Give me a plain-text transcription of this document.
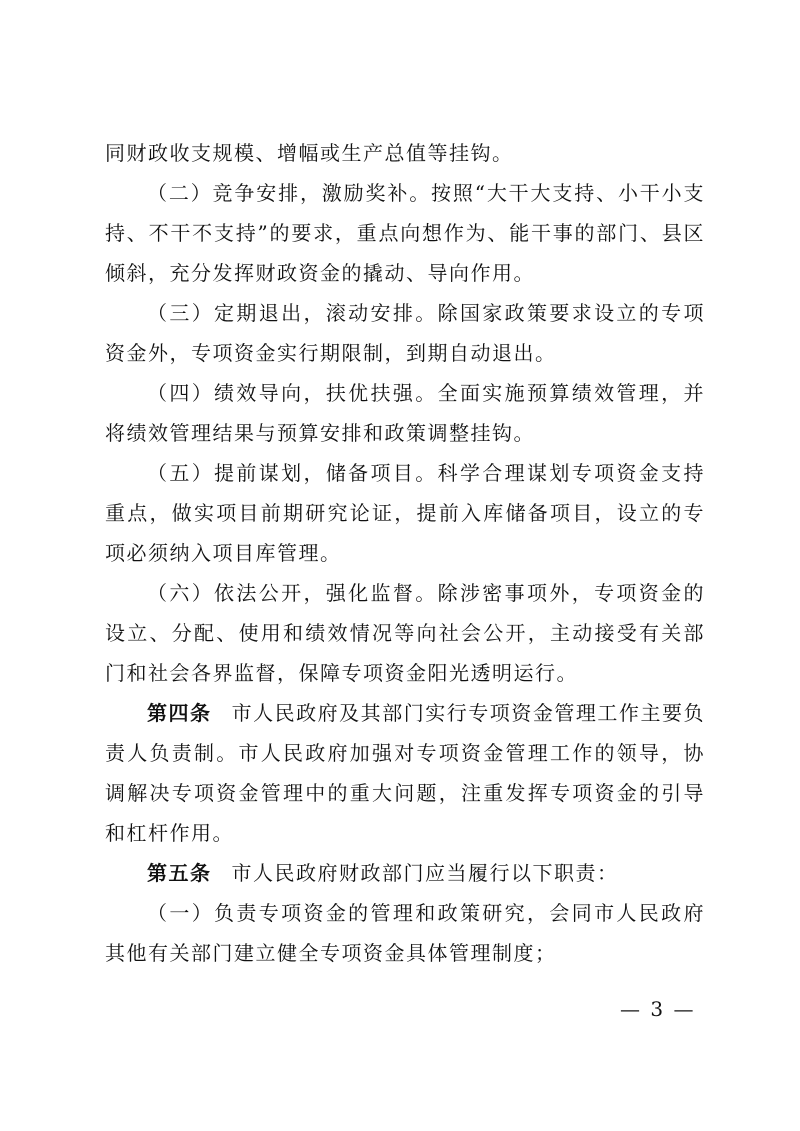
同财政收支规模、增幅或生产总值等挂钩。

（二）竞争安排，激励奖补。按照“大干大支持、小干小支持、不干不支持”的要求，重点向想作为、能干事的部门、县区倾斜，充分发挥财政资金的撬动、导向作用。

（三）定期退出，滚动安排。除国家政策要求设立的专项资金外，专项资金实行期限制，到期自动退出。

（四）绩效导向，扶优扶强。全面实施预算绩效管理，并将绩效管理结果与预算安排和政策调整挂钩。

（五）提前谋划，储备项目。科学合理谋划专项资金支持重点，做实项目前期研究论证，提前入库储备项目，设立的专项必须纳入项目库管理。

（六）依法公开，强化监督。除涉密事项外，专项资金的设立、分配、使用和绩效情况等向社会公开，主动接受有关部门和社会各界监督，保障专项资金阳光透明运行。

第四条 市人民政府及其部门实行专项资金管理工作主要负责人负责制。市人民政府加强对专项资金管理工作的领导，协调解决专项资金管理中的重大问题，注重发挥专项资金的引导和杠杆作用。

第五条 市人民政府财政部门应当履行以下职责：

（一）负责专项资金的管理和政策研究，会同市人民政府其他有关部门建立健全专项资金具体管理制度；

— 3 —
